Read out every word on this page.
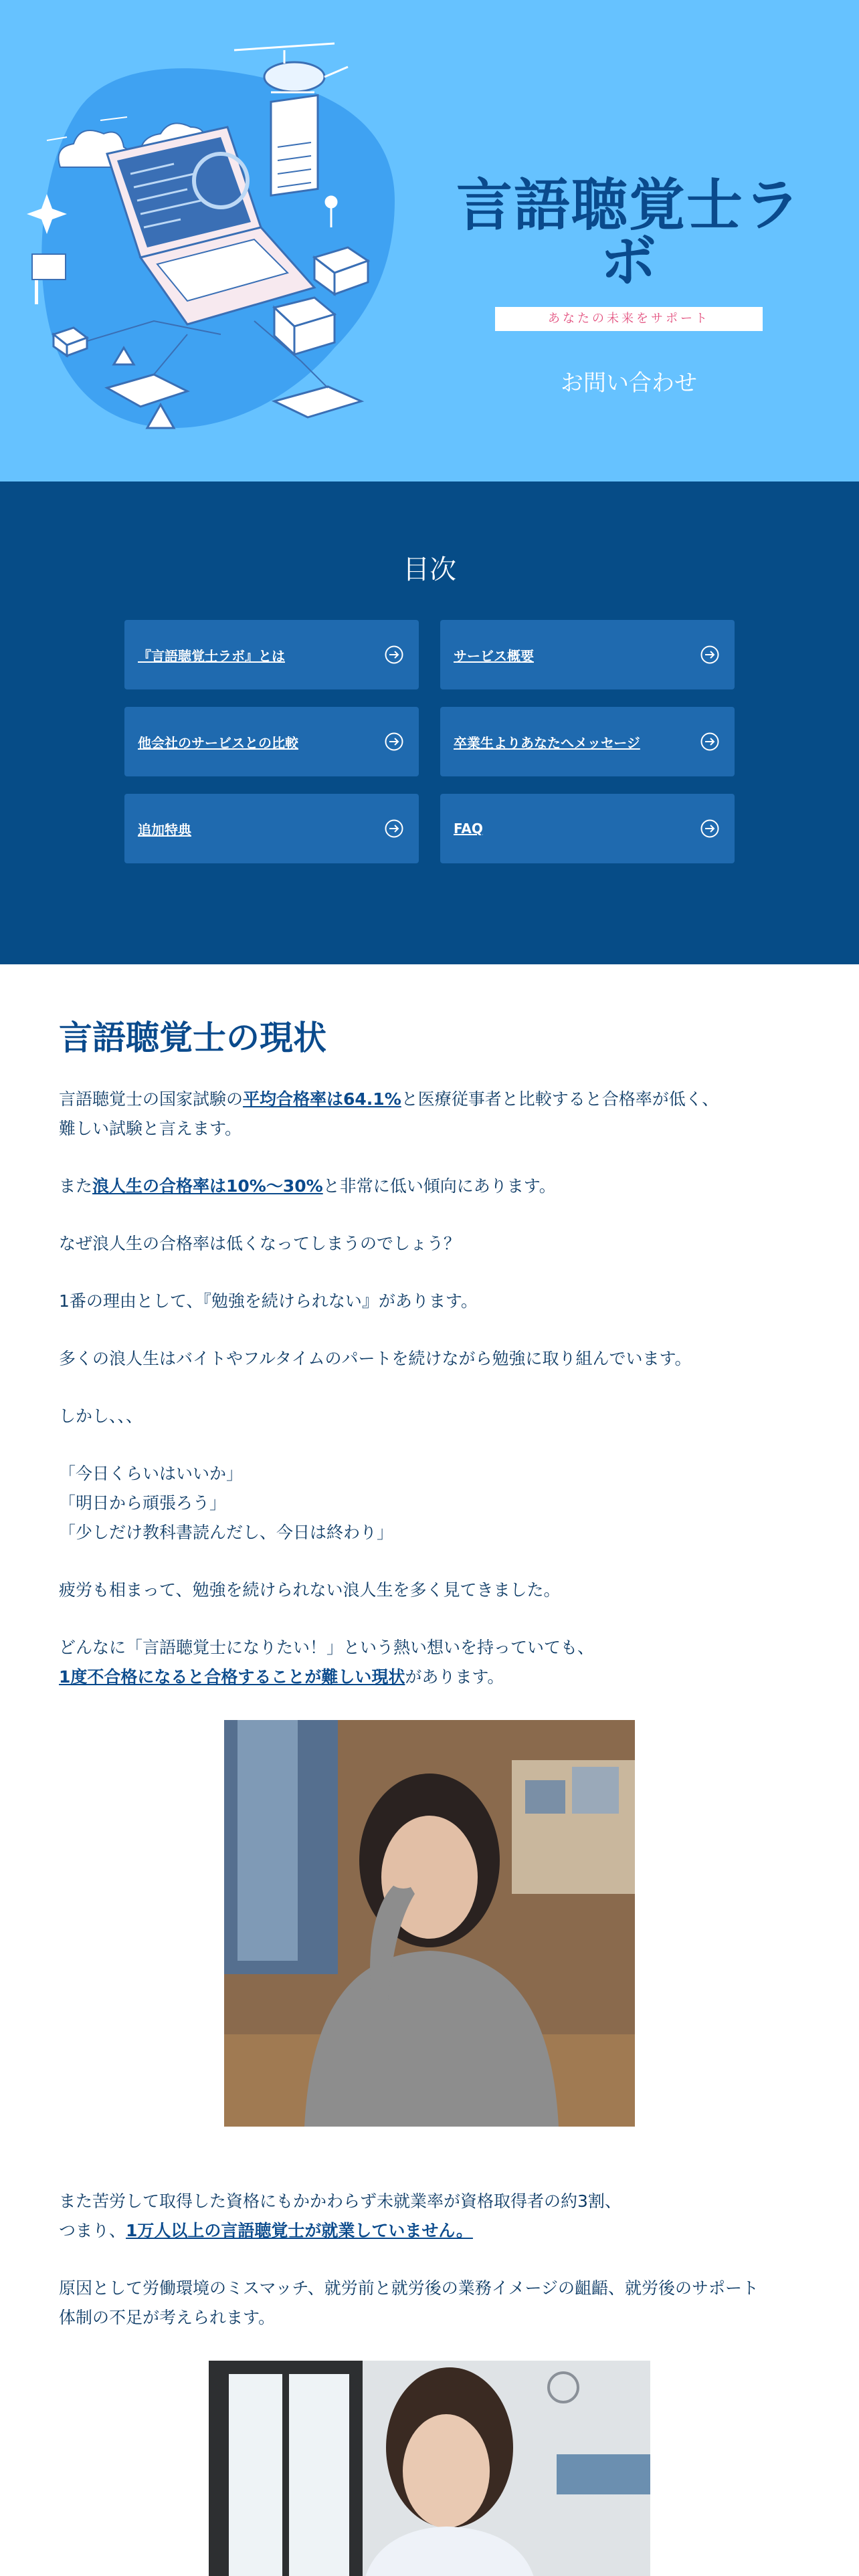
言語聴覚士ラボ
あなたの未来をサポート
お問い合わせ
目次
『言語聴覚士ラボ』とは	サービス概要
他会社のサービスとの比較	卒業生よりあなたへメッセージ
追加特典	FAQ
言語聴覚士の現状

言語聴覚士の国家試験の平均合格率は64.1%と医療従事者と比較すると合格率が低く、
難しい試験と言えます。

また浪人生の合格率は10%〜30%と非常に低い傾向にあります。

なぜ浪人生の合格率は低くなってしまうのでしょう？

1番の理由として、『勉強を続けられない』があります。

多くの浪人生はバイトやフルタイムのパートを続けながら勉強に取り組んでいます。

しかし、、、

「今日くらいはいいか」
「明日から頑張ろう」
「少しだけ教科書読んだし、今日は終わり」

疲労も相まって、勉強を続けられない浪人生を多く見てきました。

どんなに「言語聴覚士になりたい！」という熱い想いを持っていても、
1度不合格になると合格することが難しい現状があります。

また苦労して取得した資格にもかかわらず未就業率が資格取得者の約3割、
つまり、1万人以上の言語聴覚士が就業していません。

原因として労働環境のミスマッチ、就労前と就労後の業務イメージの齟齬、就労後のサポート
体制の不足が考えられます。
